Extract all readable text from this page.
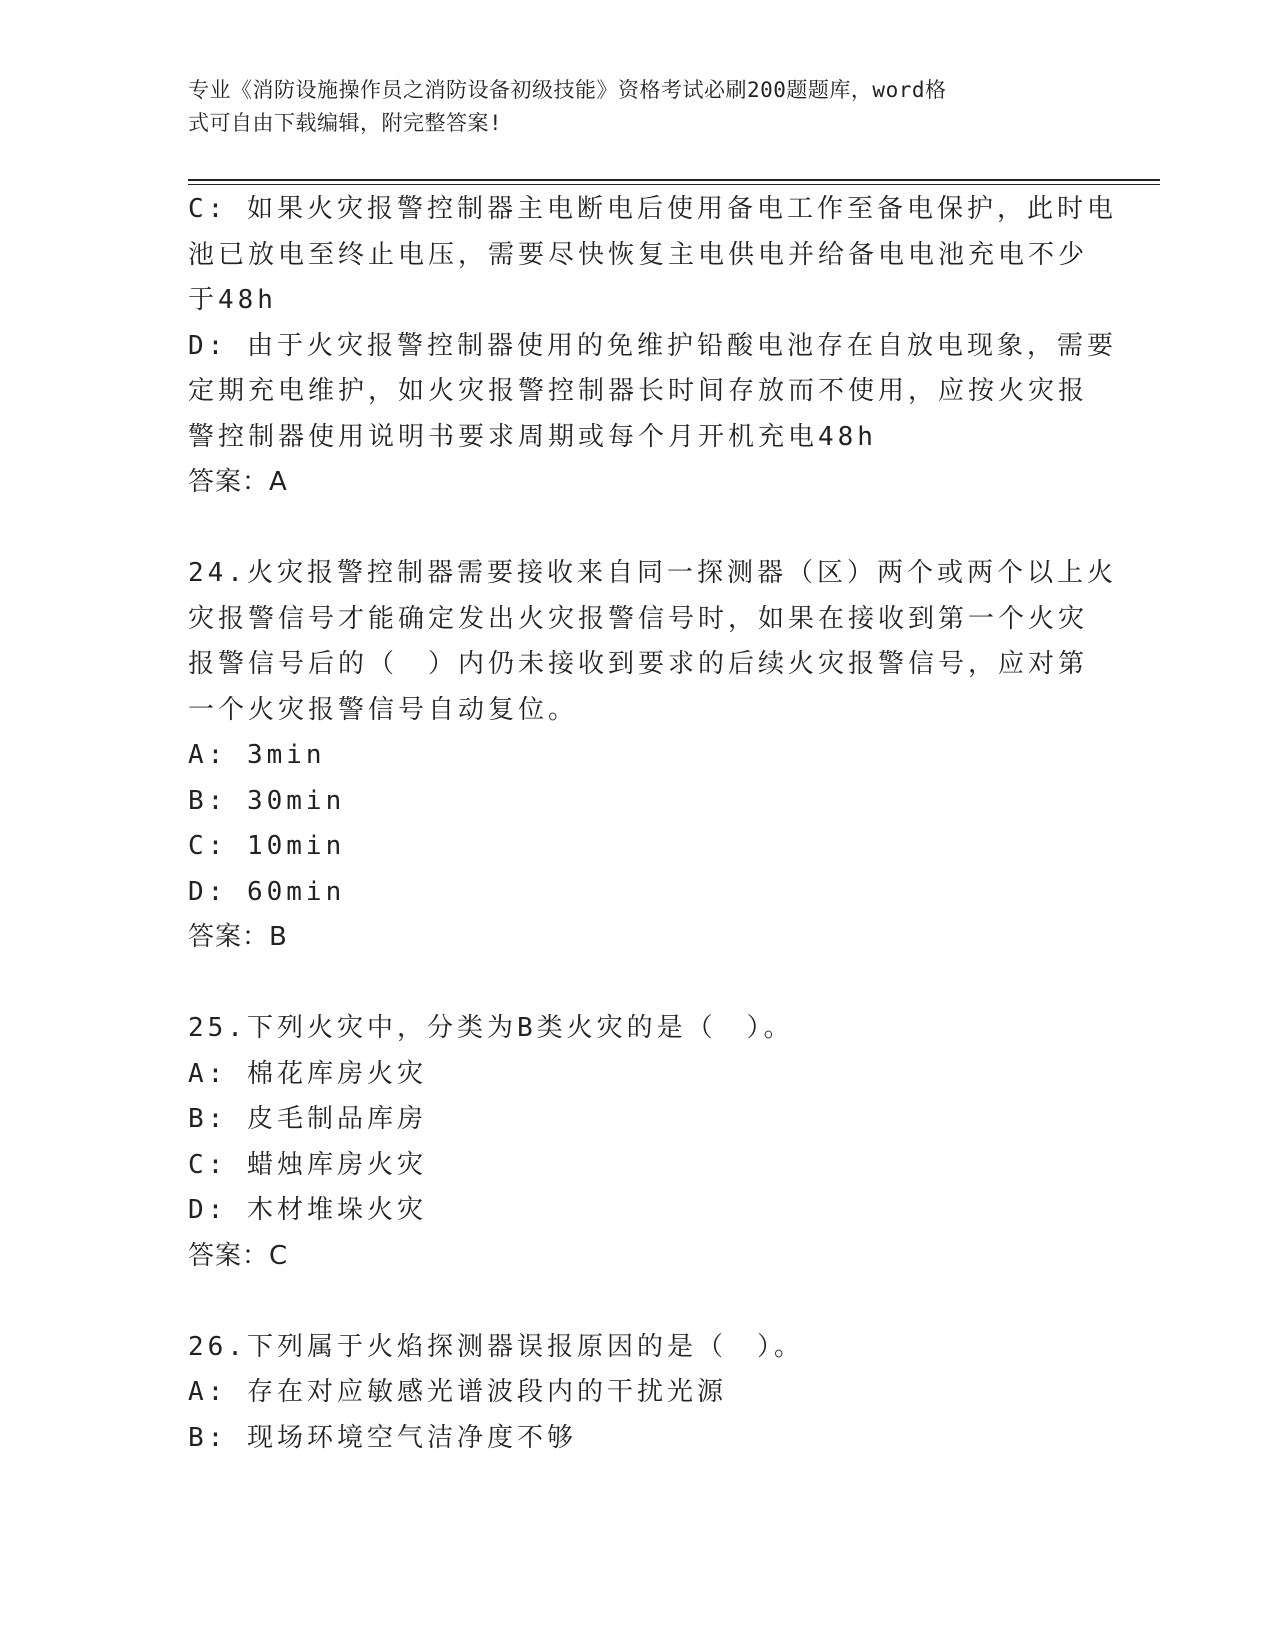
专业《消防设施操作员之消防设备初级技能》资格考试必刷200题题库，word格
式可自由下载编辑，附完整答案!
C: 如果火灾报警控制器主电断电后使用备电工作至备电保护，此时电
池已放电至终止电压，需要尽快恢复主电供电并给备电电池充电不少
于48h
D: 由于火灾报警控制器使用的免维护铅酸电池存在自放电现象，需要
定期充电维护，如火灾报警控制器长时间存放而不使用，应按火灾报
警控制器使用说明书要求周期或每个月开机充电48h
答案：A
24.火灾报警控制器需要接收来自同一探测器（区）两个或两个以上火
灾报警信号才能确定发出火灾报警信号时，如果在接收到第一个火灾
报警信号后的（　）内仍未接收到要求的后续火灾报警信号，应对第
一个火灾报警信号自动复位。
A: 3min
B: 30min
C: 10min
D: 60min
答案：B
25.下列火灾中，分类为B类火灾的是（　）。
A: 棉花库房火灾
B: 皮毛制品库房
C: 蜡烛库房火灾
D: 木材堆垛火灾
答案：C
26.下列属于火焰探测器误报原因的是（　）。
A: 存在对应敏感光谱波段内的干扰光源
B: 现场环境空气洁净度不够
